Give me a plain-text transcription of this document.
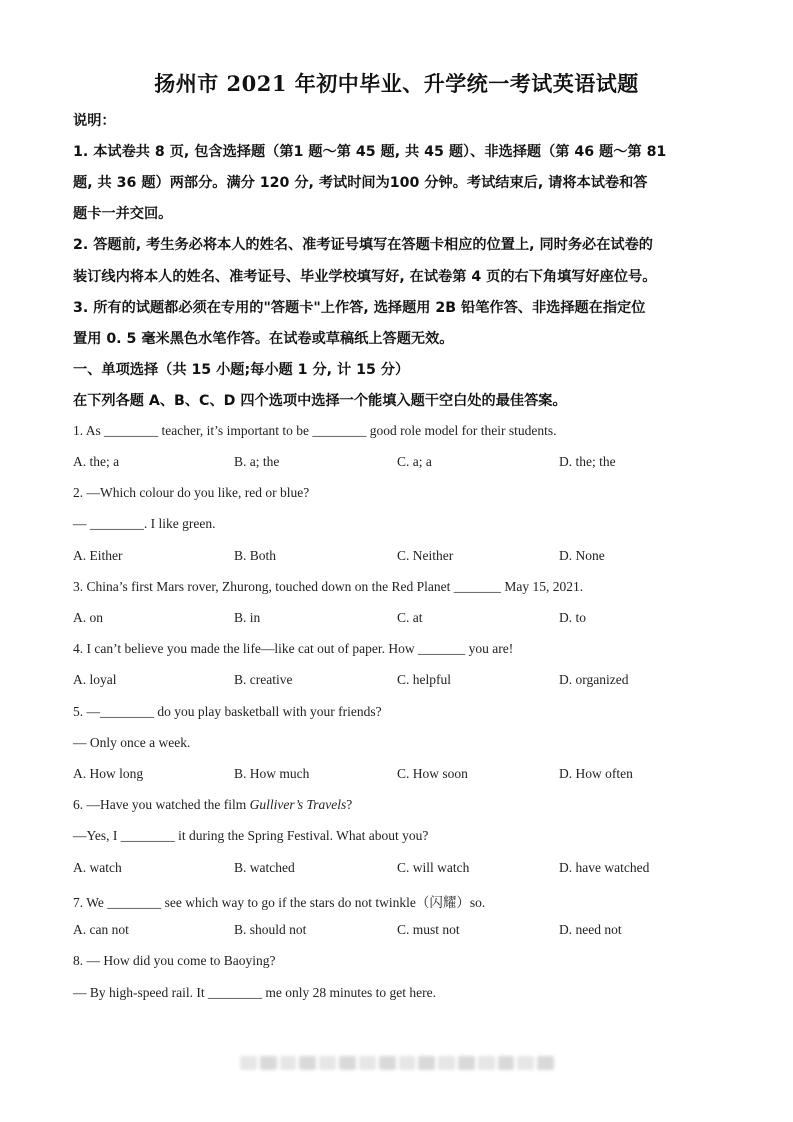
扬州市 2021 年初中毕业、升学统一考试英语试题
说明：
1. 本试卷共 8 页, 包含选择题（第1 题～第 45 题, 共 45 题）、非选择题（第 46 题～第 81
题, 共 36 题）两部分。满分 120 分, 考试时间为100 分钟。考试结束后, 请将本试卷和答
题卡一并交回。
2. 答题前, 考生务必将本人的姓名、准考证号填写在答题卡相应的位置上, 同时务必在试卷的
装订线内将本人的姓名、准考证号、毕业学校填写好, 在试卷第 4 页的右下角填写好座位号。
3. 所有的试题都必须在专用的"答题卡"上作答, 选择题用 2B 铅笔作答、非选择题在指定位
置用 0. 5 毫米黑色水笔作答。在试卷或草稿纸上答题无效。
一、单项选择（共 15 小题;每小题 1 分, 计 15 分）
在下列各题 A、B、C、D 四个选项中选择一个能填入题干空白处的最佳答案。
1. As ________ teacher, it’s important to be ________ good role model for their students.
A. the; a	B. a; the	C. a; a	D. the; the
2. —Which colour do you like, red or blue?
— ________. I like green.
A. Either	B. Both	C. Neither	D. None
3. China’s first Mars rover, Zhurong, touched down on the Red Planet _______ May 15, 2021.
A. on	B. in	C. at	D. to
4. I can’t believe you made the life—like cat out of paper. How _______ you are!
A. loyal	B. creative	C. helpful	D. organized
5. —________ do you play basketball with your friends?
— Only once a week.
A. How long	B. How much	C. How soon	D. How often
6. —Have you watched the film Gulliver’s Travels?
—Yes, I ________ it during the Spring Festival. What about you?
A. watch	B. watched	C. will watch	D. have watched
7. We ________ see which way to go if the stars do not twinkle（闪耀）so.
A. can not	B. should not	C. must not	D. need not
8. — How did you come to Baoying?
— By high-speed rail. It ________ me only 28 minutes to get here.
